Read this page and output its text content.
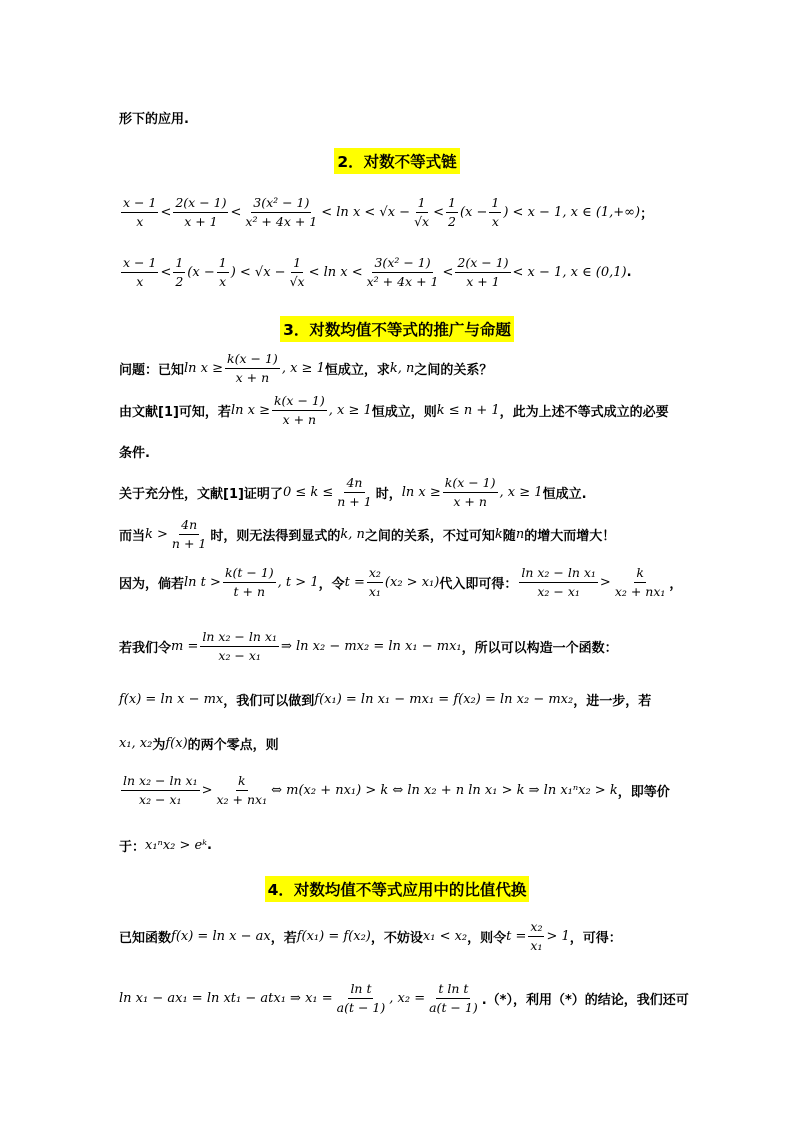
形下的应用.
2．对数不等式链
$\frac{x - 1}{x} < \frac{2(x - 1)}{x + 1} < \frac{\text{3(x² − 1)}}{\text{x² + 4x + 1}} < \ln x < √x - \frac{1}{√x} < \frac{1}{2} (x - \frac{1}{x}$ ) < x − 1, x ∈ (1,+∞) ；
$\frac{x - 1}{x} < \frac{1}{2} (x - \frac{1}{x}$ ) < $√x - \frac{1}{√x} < \ln x < \frac{\text{3(x² − 1)}}{\text{x² + 4x + 1}} < \frac{2(x - 1)}{x + 1} < x - 1$, x ∈ (0,1) .
3．对数均值不等式的推广与命题
问题：已知 $\ln x \ge \frac{k(x - 1)}{x + n}$ , x ≥ 1 恒成立，求 k, n 之间的关系？
由文献[1]可知，若 $\ln x \ge \frac{k(x - 1)}{x + n}$ , x ≥ 1 恒成立，则 k ≤ n + 1 ，此为上述不等式成立的必要
条件.
关于充分性，文献[1]证明了 $0 \le k \le \frac{4n}{n + 1}$ 时， $\ln x \ge \frac{k(x - 1)}{x + n}$ , x ≥ 1 恒成立.
而当 $k > \frac{4n}{n + 1}$ 时，则无法得到显式的 k, n 之间的关系，不过可知 k 随 n 的增大而增大！
因为，倘若 $\ln t > \frac{k(t - 1)}{t + n}$ , t > 1 ，令 $t = \frac{\text{x₂}}{\text{x₁}} (x_2 > x_1)$ 代入即可得： $\frac{\text{ln x₂ − ln x₁}}{\text{x₂ − x₁}} > \frac{k}{\text{x₂ + nx₁}}$ ，
若我们令 $m = \frac{\text{ln x₂ − ln x₁}}{\text{x₂ − x₁}}$ ⇒ ln x₂ − mx₂ = ln x₁ − mx₁ ，所以可以构造一个函数：
f(x) = ln x − mx ，我们可以做到 f(x₁) = ln x₁ − mx₁ = f(x₂) = ln x₂ − mx₂ ，进一步，若
x₁, x₂ 为 f(x) 的两个零点，则
$\frac{\text{ln x₂ − ln x₁}}{\text{x₂ − x₁}} > \frac{k}{\text{x₂ + nx₁}}$ ⇔ m(x₂ + nx₁) > k ⇔ ln x₂ + n ln x₁ > k ⇒ ln x₁ⁿx₂ > k ，即等价
于： x₁ⁿx₂ > eᵏ .
4．对数均值不等式应用中的比值代换
已知函数 f(x) = ln x − ax ，若 f(x₁) = f(x₂) ，不妨设 x₁ < x₂ ，则令 $t = \frac{\text{x₂}}{\text{x₁}} > 1$ ，可得：
ln x₁ − ax₁ = ln xt₁ − atx₁ ⇒ $x_1 = \frac{\text{ln t}}{a(t - 1)}$ , $x_2 = \frac{\text{t ln t}}{a(t - 1)}$ .（*），利用（*）的结论，我们还可
